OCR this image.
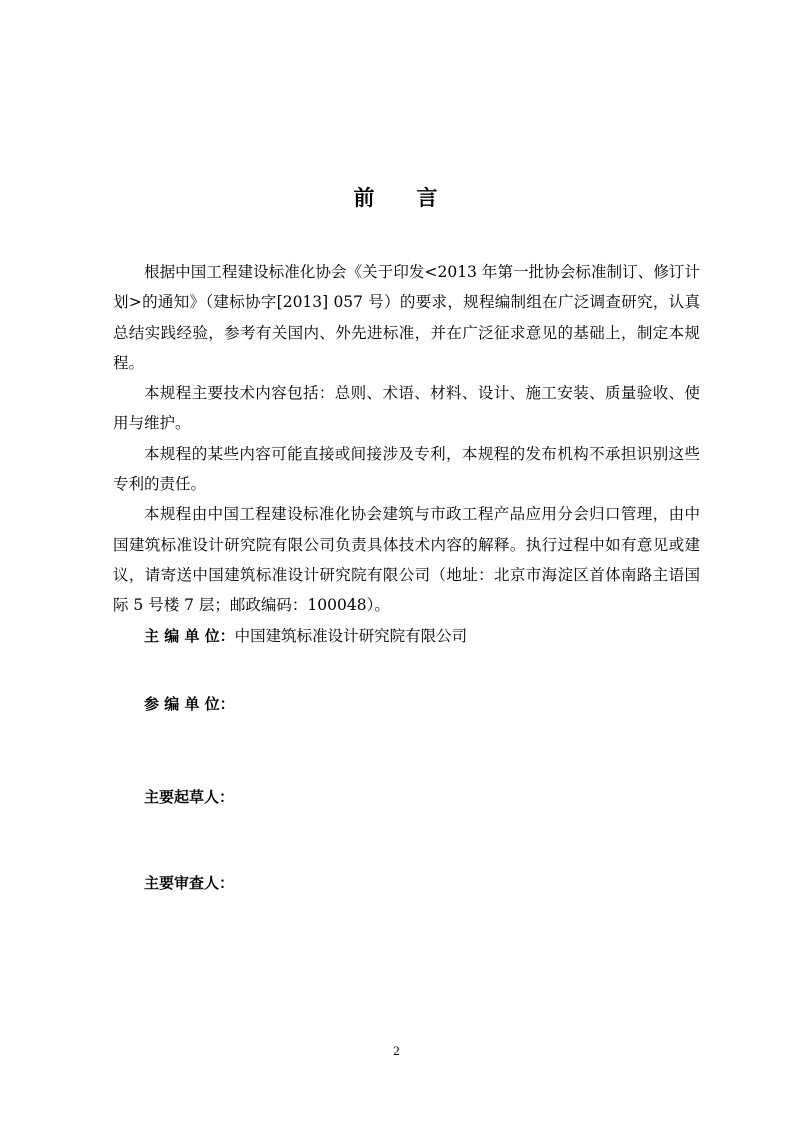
前 言

根据中国工程建设标准化协会《关于印发<2013 年第一批协会标准制订、修订计划>的通知》（建标协字[2013] 057 号）的要求，规程编制组在广泛调查研究，认真总结实践经验，参考有关国内、外先进标准，并在广泛征求意见的基础上，制定本规程。

本规程主要技术内容包括：总则、术语、材料、设计、施工安装、质量验收、使用与维护。

本规程的某些内容可能直接或间接涉及专利，本规程的发布机构不承担识别这些专利的责任。

本规程由中国工程建设标准化协会建筑与市政工程产品应用分会归口管理，由中国建筑标准设计研究院有限公司负责具体技术内容的解释。执行过程中如有意见或建议，请寄送中国建筑标准设计研究院有限公司（地址：北京市海淀区首体南路主语国际 5 号楼 7 层；邮政编码：100048）。

主 编 单 位：中国建筑标准设计研究院有限公司
参 编 单 位：
主要起草人：
主要审查人：
2
